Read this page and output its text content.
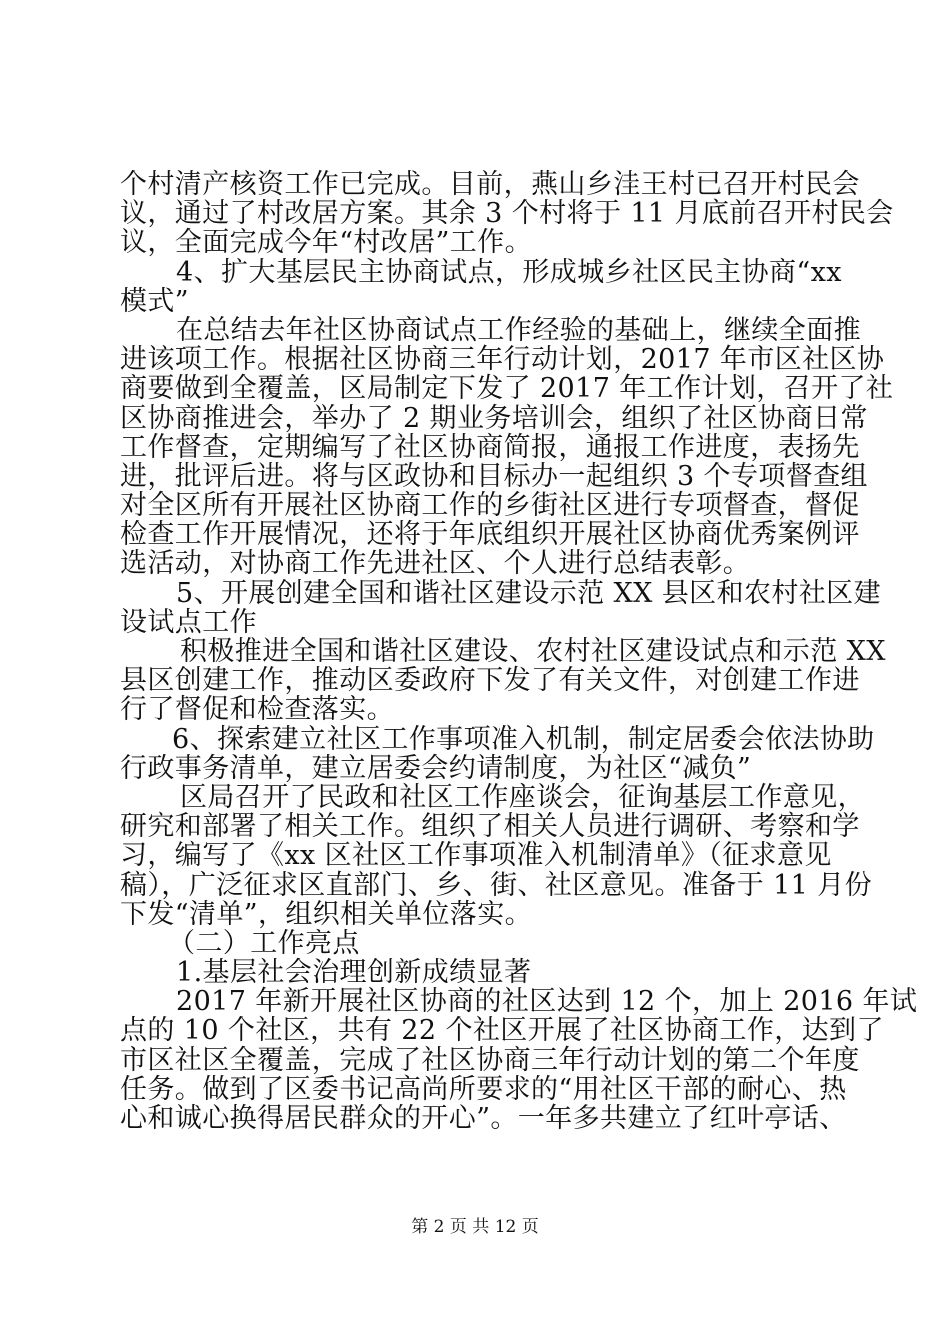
个村清产核资工作已完成。目前，燕山乡洼王村已召开村民会
议，通过了村改居方案。其余 3 个村将于 11 月底前召开村民会
议，全面完成今年“村改居”工作。
4、扩大基层民主协商试点，形成城乡社区民主协商“xx
模式”
在总结去年社区协商试点工作经验的基础上，继续全面推
进该项工作。根据社区协商三年行动计划，2017 年市区社区协
商要做到全覆盖，区局制定下发了 2017 年工作计划，召开了社
区协商推进会，举办了 2 期业务培训会，组织了社区协商日常
工作督查，定期编写了社区协商简报，通报工作进度，表扬先
进，批评后进。将与区政协和目标办一起组织 3 个专项督查组
对全区所有开展社区协商工作的乡街社区进行专项督查，督促
检查工作开展情况，还将于年底组织开展社区协商优秀案例评
选活动，对协商工作先进社区、个人进行总结表彰。
5、开展创建全国和谐社区建设示范 XX 县区和农村社区建
设试点工作
积极推进全国和谐社区建设、农村社区建设试点和示范 XX
县区创建工作，推动区委政府下发了有关文件，对创建工作进
行了督促和检查落实。
6、探索建立社区工作事项准入机制，制定居委会依法协助
行政事务清单，建立居委会约请制度，为社区“减负”
区局召开了民政和社区工作座谈会，征询基层工作意见，
研究和部署了相关工作。组织了相关人员进行调研、考察和学
习，编写了《xx 区社区工作事项准入机制清单》（征求意见
稿），广泛征求区直部门、乡、街、社区意见。准备于 11 月份
下发“清单”，组织相关单位落实。
（二）工作亮点
1.基层社会治理创新成绩显著
2017 年新开展社区协商的社区达到 12 个，加上 2016 年试
点的 10 个社区，共有 22 个社区开展了社区协商工作，达到了
市区社区全覆盖，完成了社区协商三年行动计划的第二个年度
任务。做到了区委书记高尚所要求的“用社区干部的耐心、热
心和诚心换得居民群众的开心”。一年多共建立了红叶亭话、
第 2 页 共 12 页
